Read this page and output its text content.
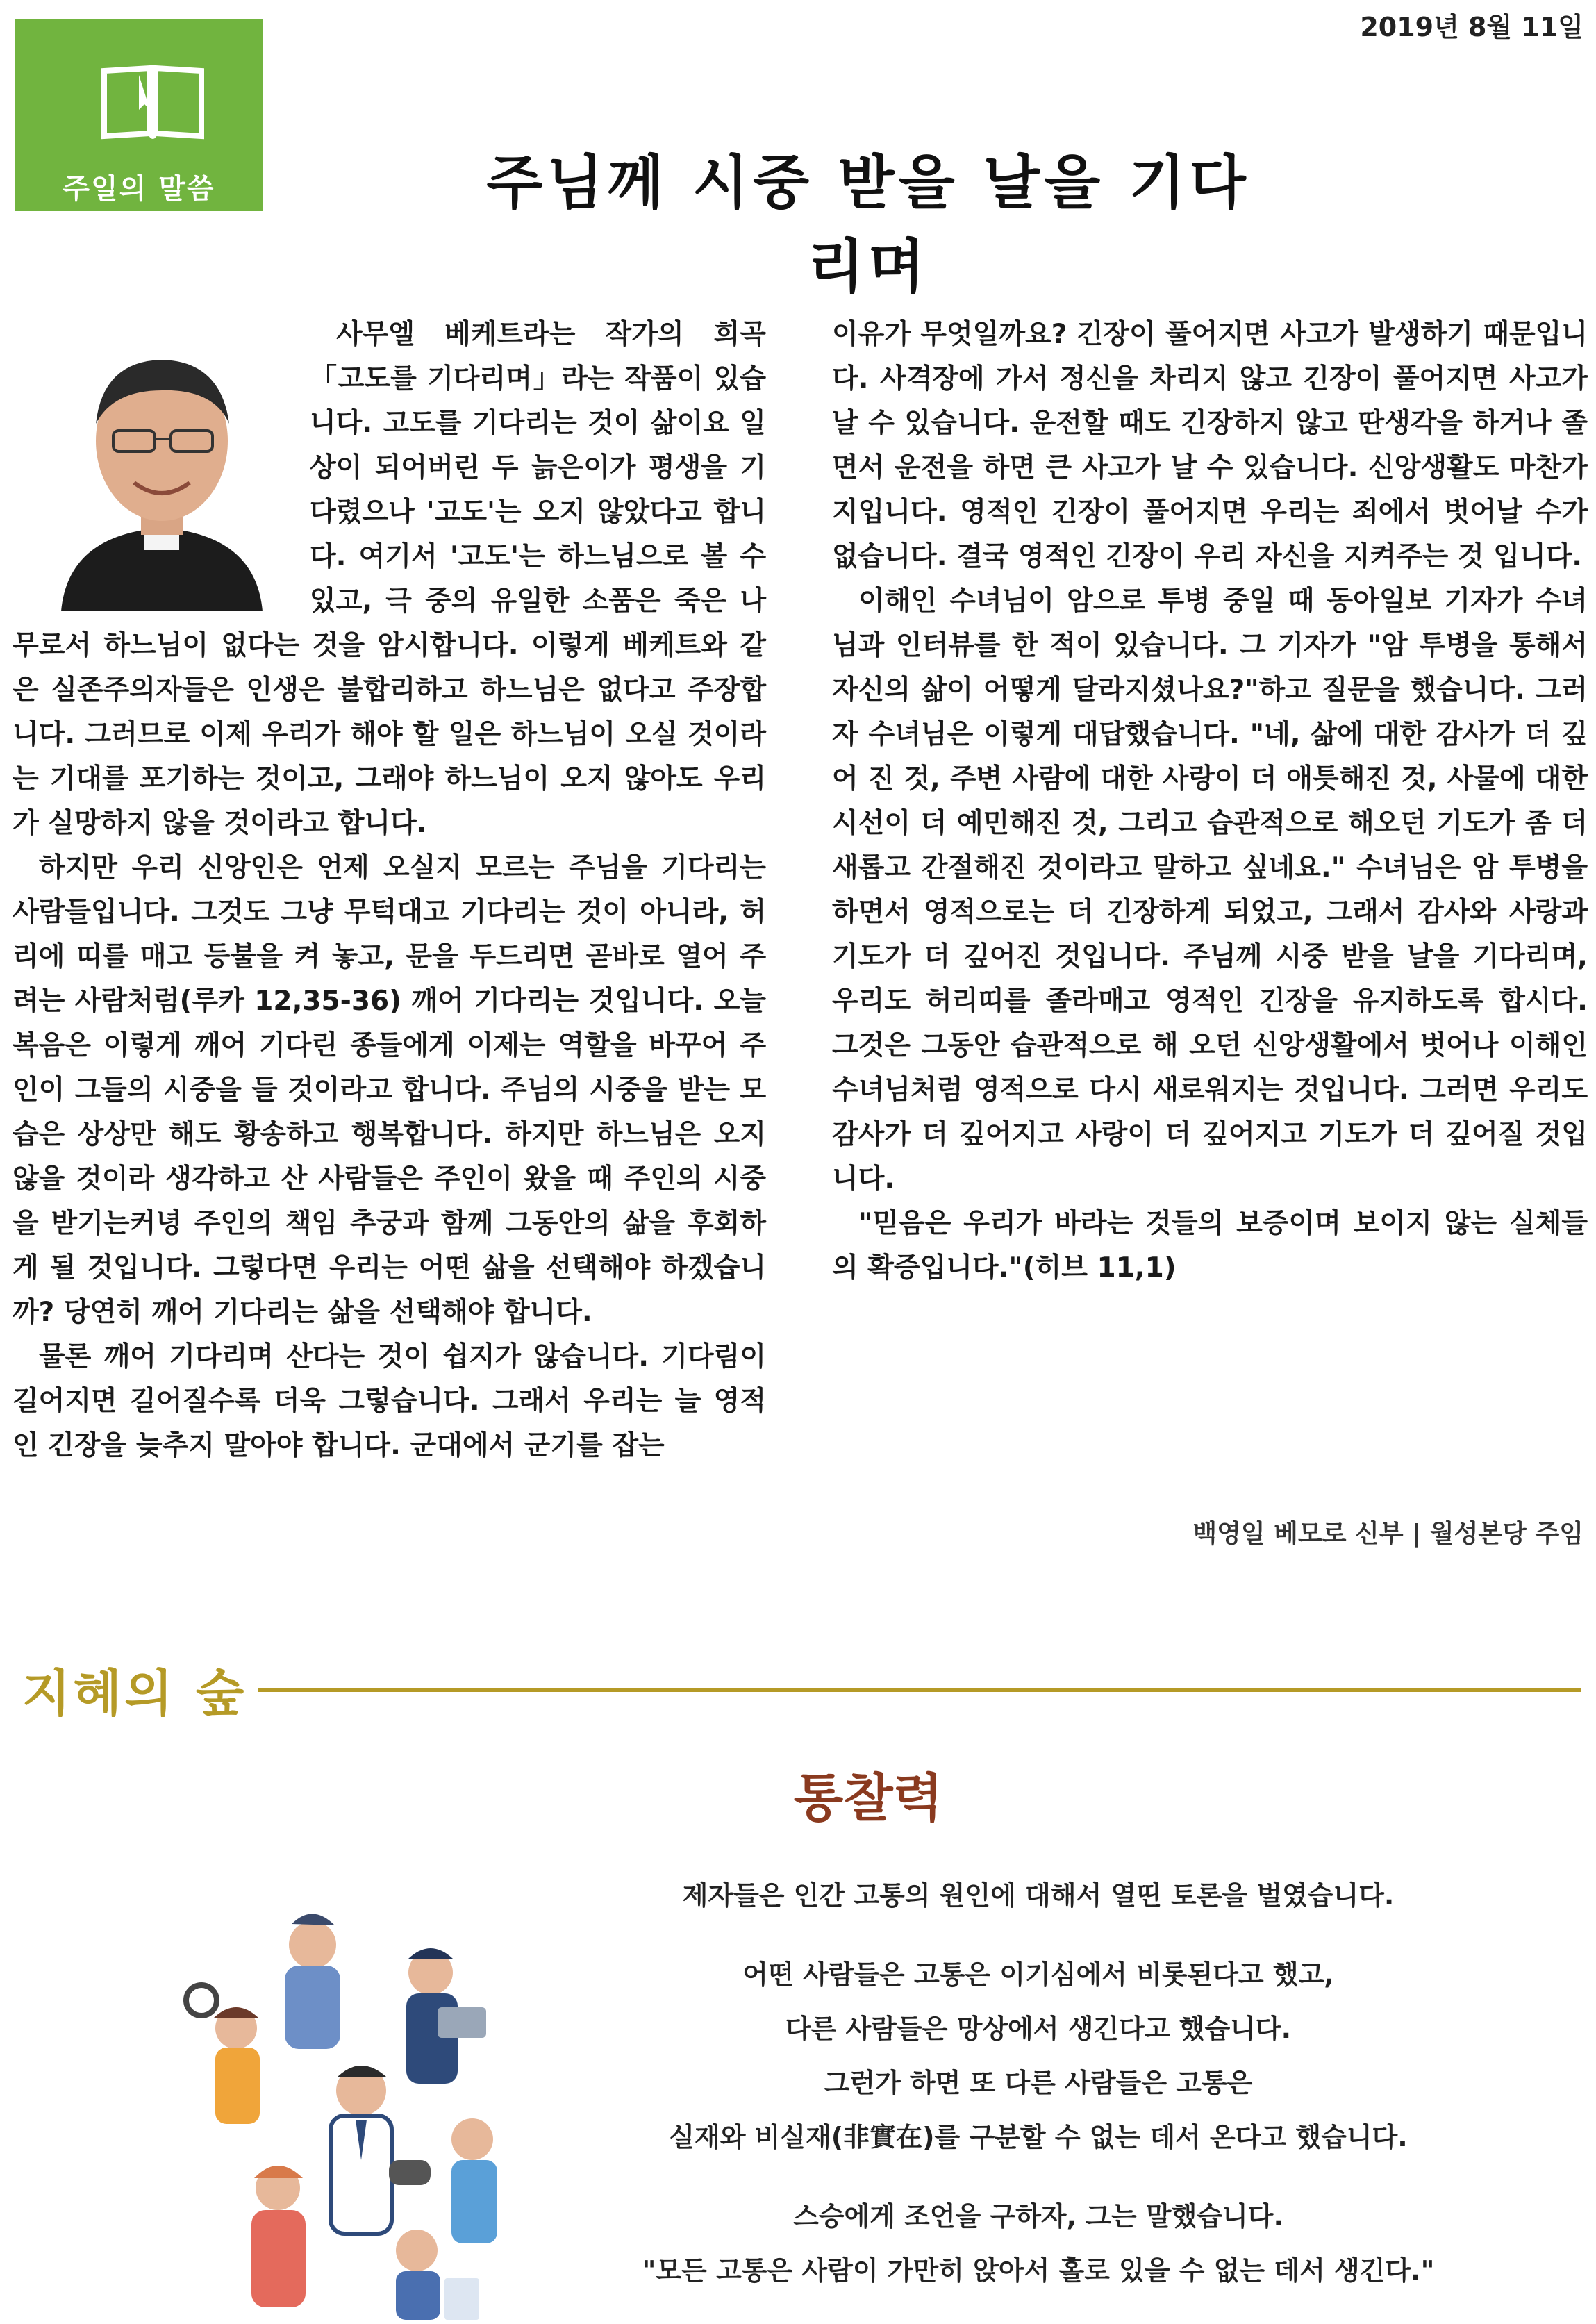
주일의 말씀
2019년 8월 11일
주님께 시중 받을 날을 기다리며

사무엘 베케트라는 작가의 희곡 「고도를 기다리며」라는 작품이 있습니다. 고도를 기다리는 것이 삶이요 일상이 되어버린 두 늙은이가 평생을 기다렸으나 '고도'는 오지 않았다고 합니다. 여기서 '고도'는 하느님으로 볼 수 있고, 극 중의 유일한 소품은 죽은 나무로서 하느님이 없다는 것을 암시합니다. 이렇게 베케트와 같은 실존주의자들은 인생은 불합리하고 하느님은 없다고 주장합니다. 그러므로 이제 우리가 해야 할 일은 하느님이 오실 것이라는 기대를 포기하는 것이고, 그래야 하느님이 오지 않아도 우리가 실망하지 않을 것이라고 합니다.

하지만 우리 신앙인은 언제 오실지 모르는 주님을 기다리는 사람들입니다. 그것도 그냥 무턱대고 기다리는 것이 아니라, 허리에 띠를 매고 등불을 켜 놓고, 문을 두드리면 곧바로 열어 주려는 사람처럼(루카 12,35-36) 깨어 기다리는 것입니다. 오늘 복음은 이렇게 깨어 기다린 종들에게 이제는 역할을 바꾸어 주인이 그들의 시중을 들 것이라고 합니다. 주님의 시중을 받는 모습은 상상만 해도 황송하고 행복합니다. 하지만 하느님은 오지 않을 것이라 생각하고 산 사람들은 주인이 왔을 때 주인의 시중을 받기는커녕 주인의 책임 추궁과 함께 그동안의 삶을 후회하게 될 것입니다. 그렇다면 우리는 어떤 삶을 선택해야 하겠습니까? 당연히 깨어 기다리는 삶을 선택해야 합니다.

물론 깨어 기다리며 산다는 것이 쉽지가 않습니다. 기다림이 길어지면 길어질수록 더욱 그렇습니다. 그래서 우리는 늘 영적인 긴장을 늦추지 말아야 합니다. 군대에서 군기를 잡는

이유가 무엇일까요? 긴장이 풀어지면 사고가 발생하기 때문입니다. 사격장에 가서 정신을 차리지 않고 긴장이 풀어지면 사고가 날 수 있습니다. 운전할 때도 긴장하지 않고 딴생각을 하거나 졸면서 운전을 하면 큰 사고가 날 수 있습니다. 신앙생활도 마찬가지입니다. 영적인 긴장이 풀어지면 우리는 죄에서 벗어날 수가 없습니다. 결국 영적인 긴장이 우리 자신을 지켜주는 것 입니다.

이해인 수녀님이 암으로 투병 중일 때 동아일보 기자가 수녀님과 인터뷰를 한 적이 있습니다. 그 기자가 "암 투병을 통해서 자신의 삶이 어떻게 달라지셨나요?"하고 질문을 했습니다. 그러자 수녀님은 이렇게 대답했습니다. "네, 삶에 대한 감사가 더 깊어 진 것, 주변 사람에 대한 사랑이 더 애틋해진 것, 사물에 대한 시선이 더 예민해진 것, 그리고 습관적으로 해오던 기도가 좀 더 새롭고 간절해진 것이라고 말하고 싶네요." 수녀님은 암 투병을 하면서 영적으로는 더 긴장하게 되었고, 그래서 감사와 사랑과 기도가 더 깊어진 것입니다. 주님께 시중 받을 날을 기다리며, 우리도 허리띠를 졸라매고 영적인 긴장을 유지하도록 합시다. 그것은 그동안 습관적으로 해 오던 신앙생활에서 벗어나 이해인 수녀님처럼 영적으로 다시 새로워지는 것입니다. 그러면 우리도 감사가 더 깊어지고 사랑이 더 깊어지고 기도가 더 깊어질 것입니다.

"믿음은 우리가 바라는 것들의 보증이며 보이지 않는 실체들의 확증입니다."(히브 11,1)

백영일 베모로 신부 | 월성본당 주임
지혜의 숲
통찰력
제자들은 인간 고통의 원인에 대해서 열띤 토론을 벌였습니다.
어떤 사람들은 고통은 이기심에서 비롯된다고 했고,
다른 사람들은 망상에서 생긴다고 했습니다.
그런가 하면 또 다른 사람들은 고통은
실재와 비실재(非實在)를 구분할 수 없는 데서 온다고 했습니다.
스승에게 조언을 구하자, 그는 말했습니다.
"모든 고통은 사람이 가만히 앉아서 홀로 있을 수 없는 데서 생긴다."
